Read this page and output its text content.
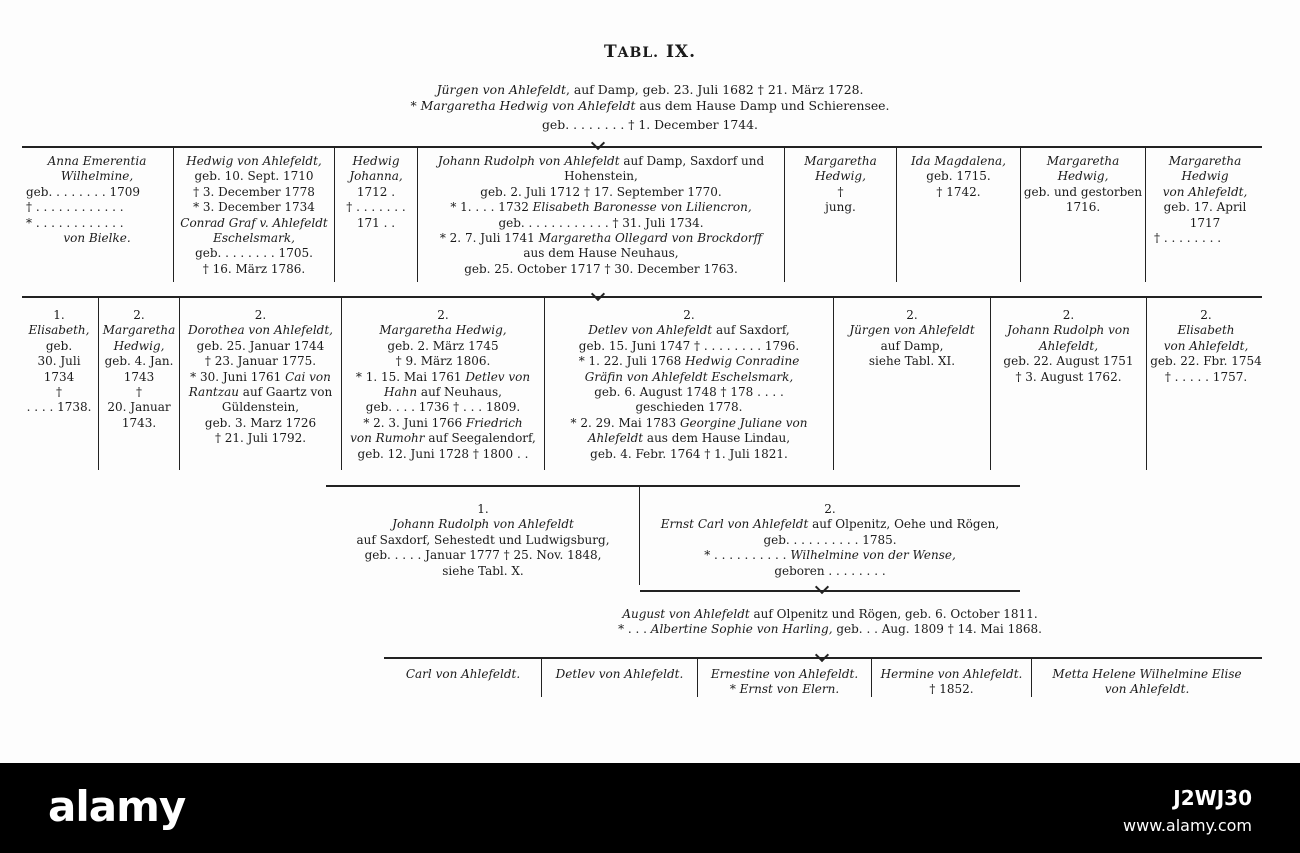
TABL. IX.
Jürgen von Ahlefeldt, auf Damp, geb. 23. Juli 1682 † 21. März 1728.
* Margaretha Hedwig von Ahlefeldt aus dem Hause Damp und Schierensee.
geb. . . . . . . . † 1. December 1744.
Anna Emerentia
Wilhelmine,

geb. . . . . . . . 1709
† . . . . . . . . . . . .
* . . . . . . . . . . . .
von Bielke.
Hedwig von Ahlefeldt,
geb. 10. Sept. 1710
† 3. December 1778
* 3. December 1734
Conrad Graf v. Ahlefeldt
Eschelsmark,
geb. . . . . . . . 1705.
† 16. März 1786.
Hedwig
Johanna,
1712 .
† . . . . . . .
171 . .
Johann Rudolph von Ahlefeldt auf Damp, Saxdorf und
Hohenstein,
geb. 2. Juli 1712 † 17. September 1770.
* 1. . . . 1732 Elisabeth Baronesse von Liliencron,
geb. . . . . . . . . . . . † 31. Juli 1734.
* 2. 7. Juli 1741 Margaretha Ollegard von Brockdorff
aus dem Hause Neuhaus,
geb. 25. October 1717 † 30. December 1763.
Margaretha
Hedwig,
†
jung.
Ida Magdalena,
geb. 1715.
† 1742.
Margaretha
Hedwig,
geb. und gestorben
1716.
Margaretha
Hedwig
von Ahlefeldt,
geb. 17. April
1717

† . . . . . . . .
1.
Elisabeth,
geb.
30. Juli
1734
†
. . . . 1738.
2.
Margaretha
Hedwig,
geb. 4. Jan.
1743
†
20. Januar
1743.
2.
Dorothea von Ahlefeldt,
geb. 25. Januar 1744
† 23. Januar 1775.
* 30. Juni 1761 Cai von
Rantzau auf Gaartz von
Güldenstein,
geb. 3. Marz 1726
† 21. Juli 1792.
2.
Margaretha Hedwig,
geb. 2. März 1745
† 9. März 1806.
* 1. 15. Mai 1761 Detlev von
Hahn auf Neuhaus,
geb. . . . 1736 † . . . 1809.
* 2. 3. Juni 1766 Friedrich
von Rumohr auf Seegalendorf,
geb. 12. Juni 1728 † 1800 . .
2.
Detlev von Ahlefeldt auf Saxdorf,
geb. 15. Juni 1747 † . . . . . . . . 1796.
* 1. 22. Juli 1768 Hedwig Conradine
Gräfin von Ahlefeldt Eschelsmark,
geb. 6. August 1748 † 178 . . . .
geschieden 1778.
* 2. 29. Mai 1783 Georgine Juliane von
Ahlefeldt aus dem Hause Lindau,
geb. 4. Febr. 1764 † 1. Juli 1821.
2.
Jürgen von Ahlefeldt
auf Damp,
siehe Tabl. XI.
2.
Johann Rudolph von
Ahlefeldt,
geb. 22. August 1751
† 3. August 1762.
2.
Elisabeth
von Ahlefeldt,
geb. 22. Fbr. 1754
† . . . . . 1757.
1.
Johann Rudolph von Ahlefeldt
auf Saxdorf, Sehestedt und Ludwigsburg,
geb. . . . . Januar 1777 † 25. Nov. 1848,
siehe Tabl. X.
2.
Ernst Carl von Ahlefeldt auf Olpenitz, Oehe und Rögen,
geb. . . . . . . . . . 1785.
* . . . . . . . . . . Wilhelmine von der Wense,
geboren . . . . . . . .
August von Ahlefeldt auf Olpenitz und Rögen, geb. 6. October 1811.
* . . . Albertine Sophie von Harling, geb. . . Aug. 1809 † 14. Mai 1868.
Carl von Ahlefeldt.	Detlev von Ahlefeldt.	Ernestine von Ahlefeldt.
* Ernst von Elern.
Hermine von Ahlefeldt.
† 1852.
Metta Helene Wilhelmine Elise
von Ahlefeldt.
alamy	J2WJ30
www.alamy.com
